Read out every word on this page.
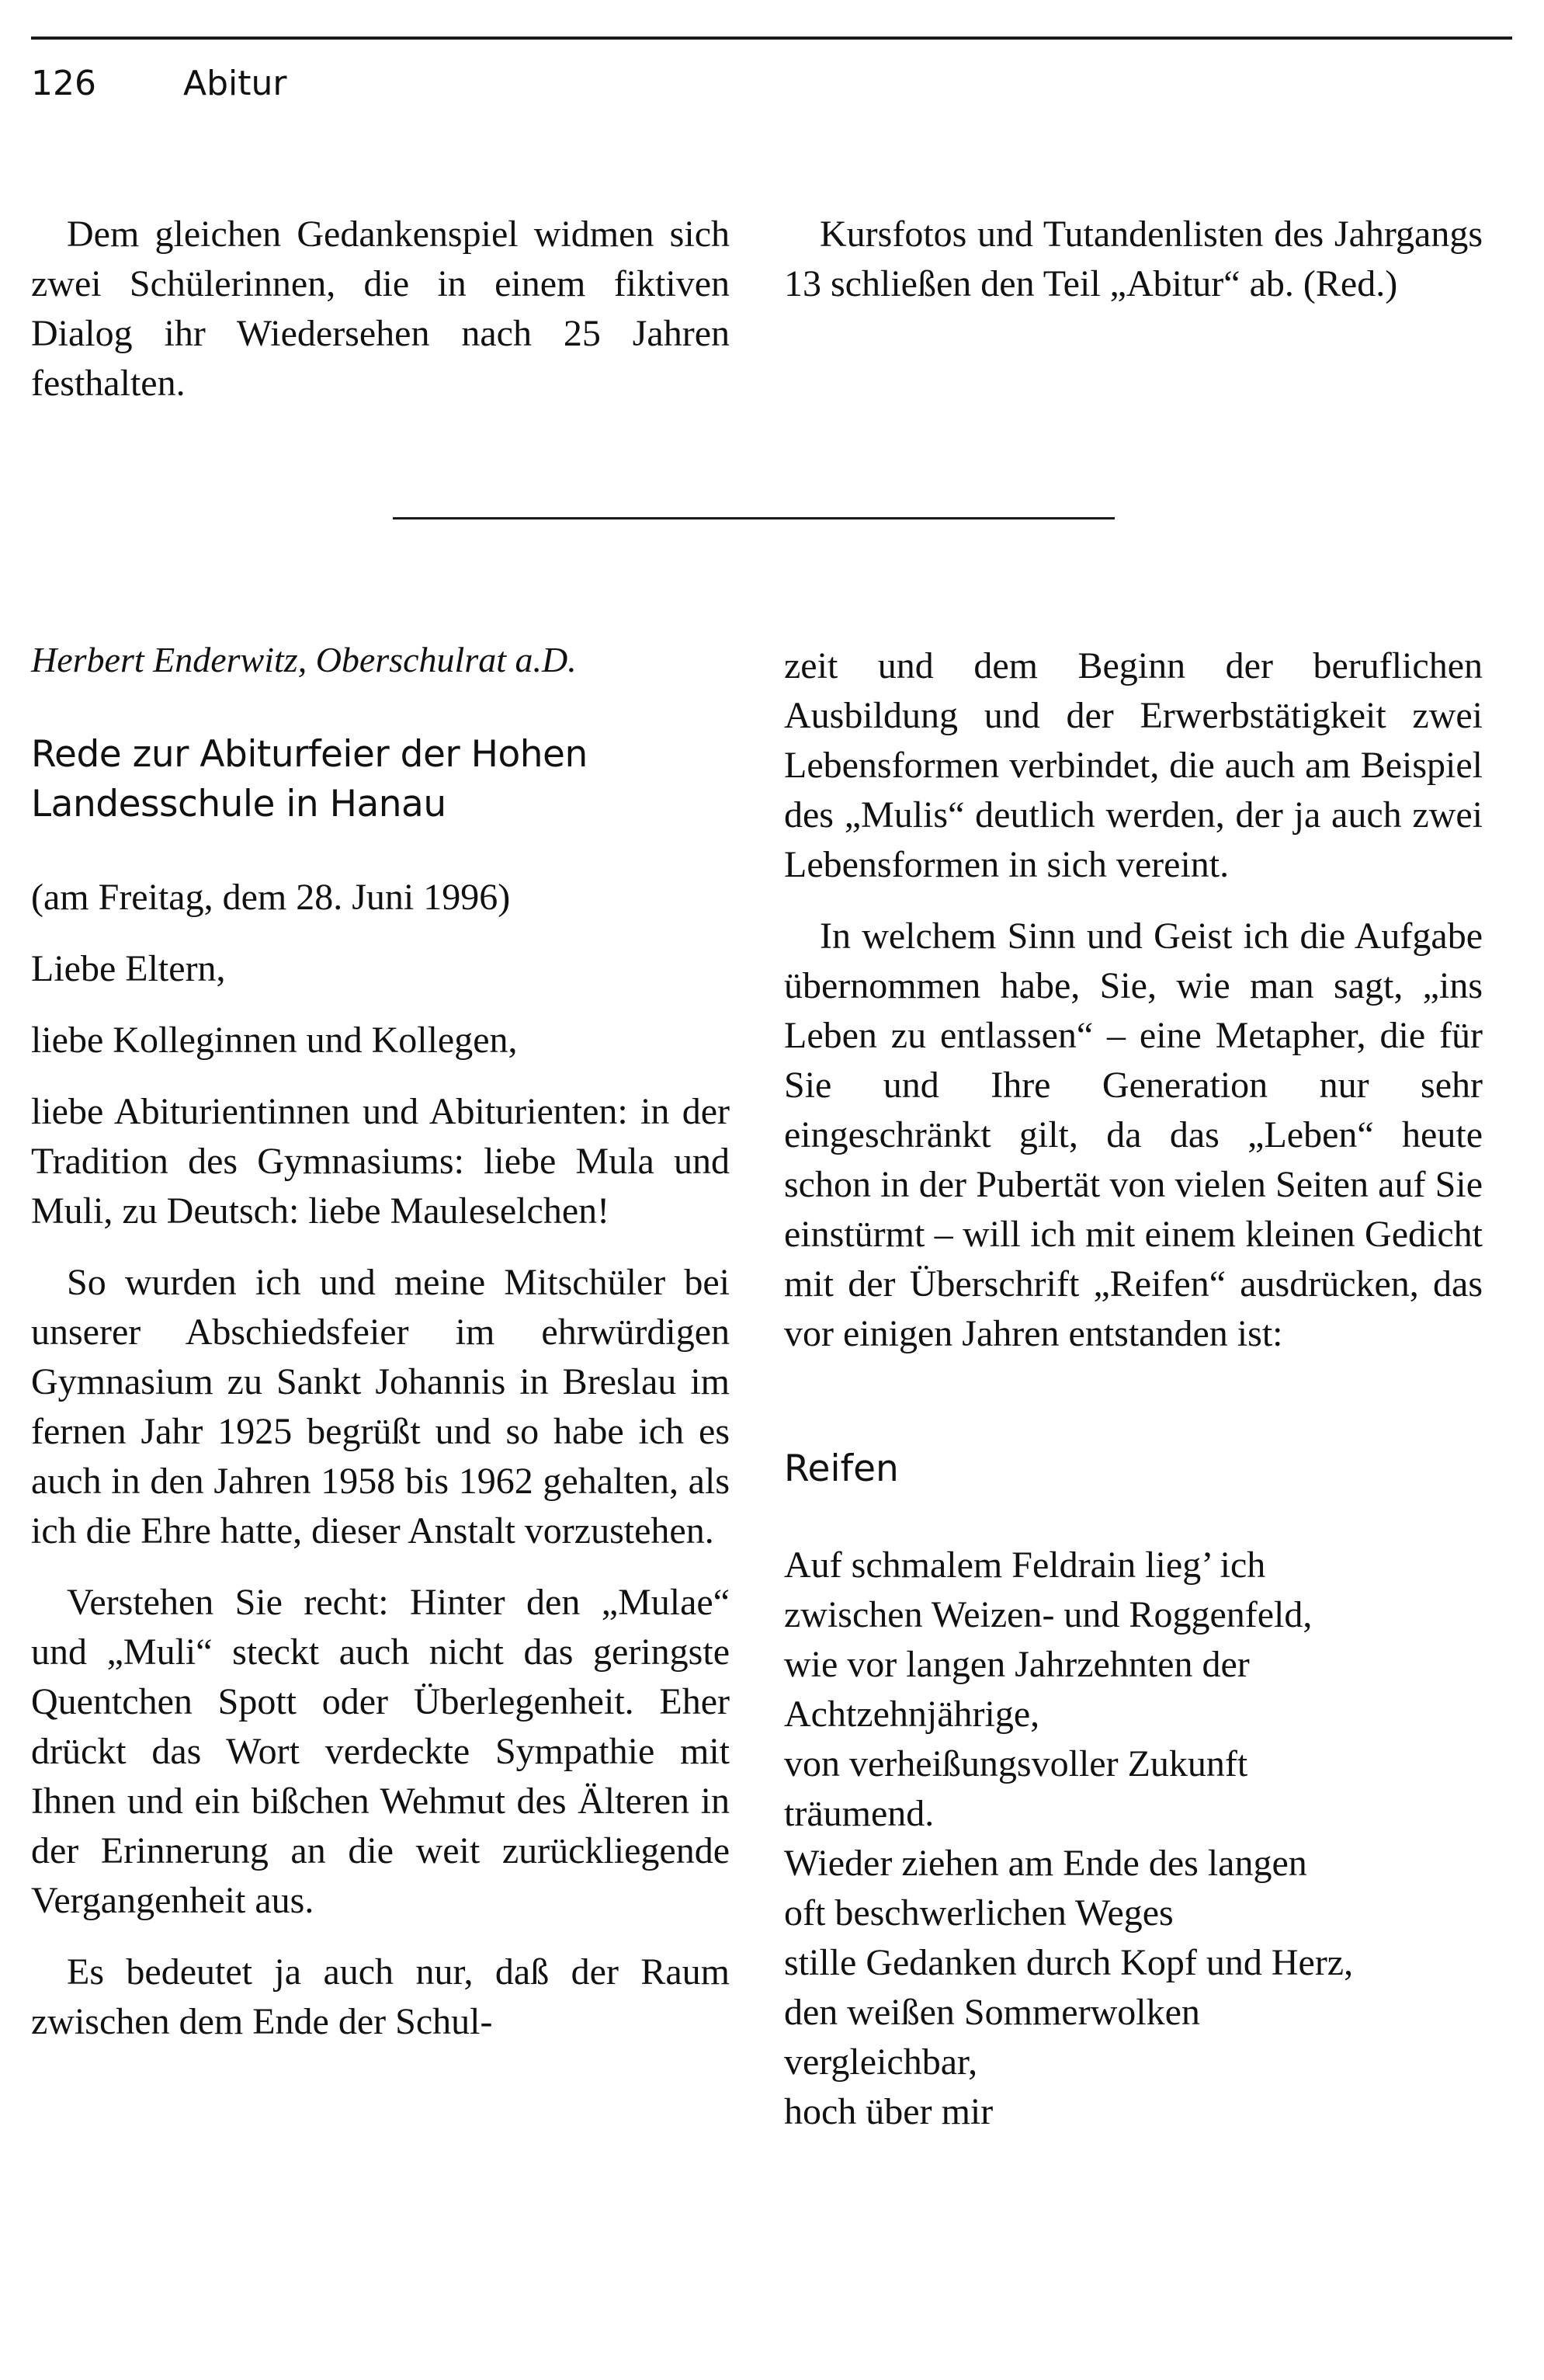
126	Abitur

Dem gleichen Gedankenspiel widmen sich zwei Schülerinnen, die in einem fiktiven Dialog ihr Wiedersehen nach 25 Jahren festhalten.

Kursfotos und Tutandenlisten des Jahrgangs 13 schließen den Teil „Abitur“ ab. (Red.)

Herbert Enderwitz, Oberschulrat a.D.

Rede zur Abiturfeier der Hohen
Landesschule in Hanau

(am Freitag, dem 28. Juni 1996)

Liebe Eltern,

liebe Kolleginnen und Kollegen,

liebe Abiturientinnen und Abiturienten: in der Tradition des Gymnasiums: liebe Mula und Muli, zu Deutsch: liebe Mauleselchen!

So wurden ich und meine Mitschüler bei unserer Abschiedsfeier im ehrwürdigen Gymnasium zu Sankt Johannis in Breslau im fernen Jahr 1925 begrüßt und so habe ich es auch in den Jahren 1958 bis 1962 gehalten, als ich die Ehre hatte, dieser Anstalt vorzustehen.

Verstehen Sie recht: Hinter den „Mulae“ und „Muli“ steckt auch nicht das geringste Quentchen Spott oder Überlegenheit. Eher drückt das Wort verdeckte Sympathie mit Ihnen und ein bißchen Wehmut des Älteren in der Erinnerung an die weit zurückliegende Vergangenheit aus.

Es bedeutet ja auch nur, daß der Raum zwischen dem Ende der Schul-

zeit und dem Beginn der beruflichen Ausbildung und der Erwerbstätigkeit zwei Lebensformen verbindet, die auch am Beispiel des „Mulis“ deutlich werden, der ja auch zwei Lebensformen in sich vereint.

In welchem Sinn und Geist ich die Aufgabe übernommen habe, Sie, wie man sagt, „ins Leben zu entlassen“ – eine Metapher, die für Sie und Ihre Generation nur sehr eingeschränkt gilt, da das „Leben“ heute schon in der Pubertät von vielen Seiten auf Sie einstürmt – will ich mit einem kleinen Gedicht mit der Überschrift „Reifen“ ausdrücken, das vor einigen Jahren entstanden ist:

Reifen
Auf schmalem Feldrain lieg’ ich
zwischen Weizen- und Roggenfeld,
wie vor langen Jahrzehnten der
Achtzehnjährige,
von verheißungsvoller Zukunft
träumend.
Wieder ziehen am Ende des langen
oft beschwerlichen Weges
stille Gedanken durch Kopf und Herz,
den weißen Sommerwolken
vergleichbar,
hoch über mir
